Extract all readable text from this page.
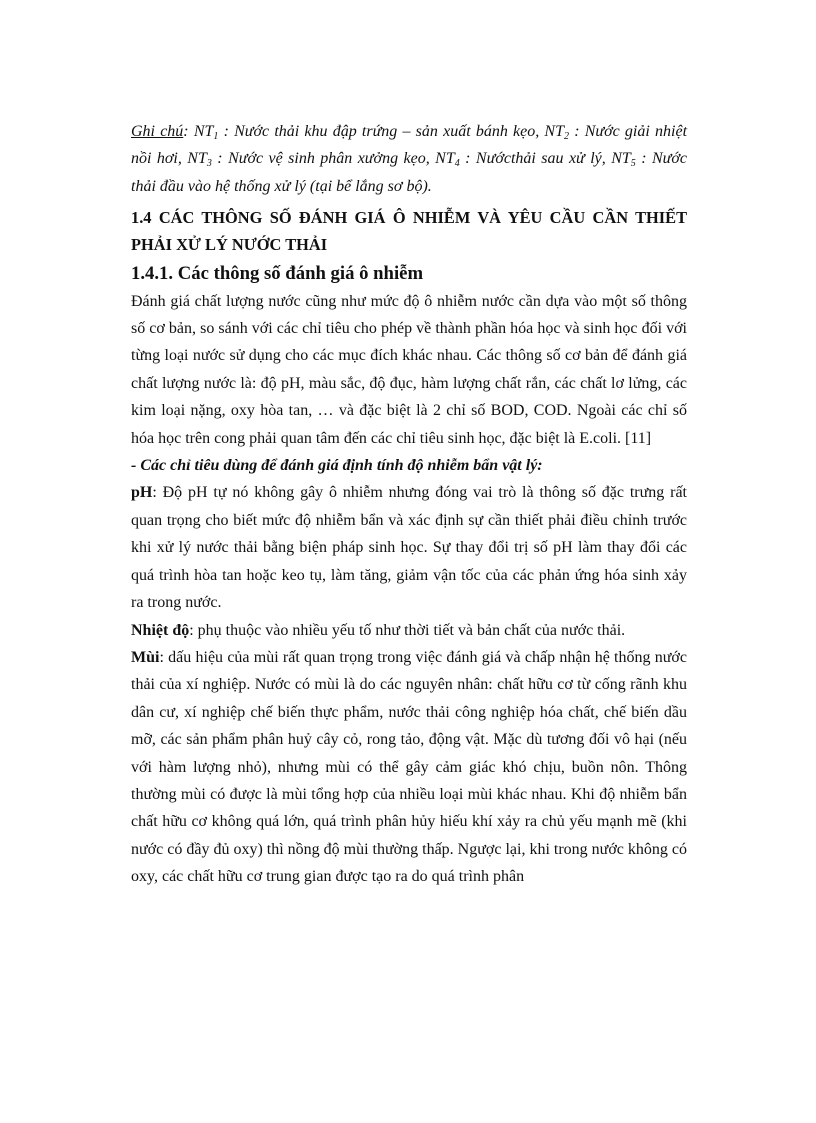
Ghi chú: $NT_1$ : Nước thải khu đập trứng – sản xuất bánh kẹo, $NT_2$ : Nước giải nhiệt nồi hơi, $NT_3$ : Nước vệ sinh phân xưởng kẹo, $NT_4$ : Nướcthải sau xử lý, $NT_5$ : Nước thải đầu vào hệ thống xử lý (tại bể lắng sơ bộ).

1.4 CÁC THÔNG SỐ ĐÁNH GIÁ Ô NHIỄM VÀ YÊU CẦU CẦN THIẾT PHẢI XỬ LÝ NƯỚC THẢI
1.4.1. Các thông số đánh giá ô nhiễm

Đánh giá chất lượng nước cũng như mức độ ô nhiễm nước cần dựa vào một số thông số cơ bản, so sánh với các chỉ tiêu cho phép về thành phần hóa học và sinh học đối với từng loại nước sử dụng cho các mục đích khác nhau. Các thông số cơ bản để đánh giá chất lượng nước là: độ pH, màu sắc, độ đục, hàm lượng chất rắn, các chất lơ lửng, các kim loại nặng, oxy hòa tan, … và đặc biệt là 2 chỉ số BOD, COD. Ngoài các chỉ số hóa học trên cong phải quan tâm đến các chỉ tiêu sinh học, đặc biệt là E.coli. [11]

- Các chỉ tiêu dùng để đánh giá định tính độ nhiễm bẩn vật lý:

pH: Độ pH tự nó không gây ô nhiễm nhưng đóng vai trò là thông số đặc trưng rất quan trọng cho biết mức độ nhiễm bẩn và xác định sự cần thiết phải điều chỉnh trước khi xử lý nước thải bằng biện pháp sinh học. Sự thay đổi trị số pH làm thay đổi các quá trình hòa tan hoặc keo tụ, làm tăng, giảm vận tốc của các phản ứng hóa sinh xảy ra trong nước.

Nhiệt độ: phụ thuộc vào nhiều yếu tố như thời tiết và bản chất của nước thải.

Mùi: dấu hiệu của mùi rất quan trọng trong việc đánh giá và chấp nhận hệ thống nước thải của xí nghiệp. Nước có mùi là do các nguyên nhân: chất hữu cơ từ cống rãnh khu dân cư, xí nghiệp chế biến thực phẩm, nước thải công nghiệp hóa chất, chế biến dầu mỡ, các sản phẩm phân huỷ cây cỏ, rong tảo, động vật. Mặc dù tương đối vô hại (nếu với hàm lượng nhỏ), nhưng mùi có thể gây cảm giác khó chịu, buồn nôn. Thông thường mùi có được là mùi tổng hợp của nhiều loại mùi khác nhau. Khi độ nhiễm bẩn chất hữu cơ không quá lớn, quá trình phân hủy hiếu khí xảy ra chủ yếu mạnh mẽ (khi nước có đầy đủ oxy) thì nồng độ mùi thường thấp. Ngược lại, khi trong nước không có oxy, các chất hữu cơ trung gian được tạo ra do quá trình phân
